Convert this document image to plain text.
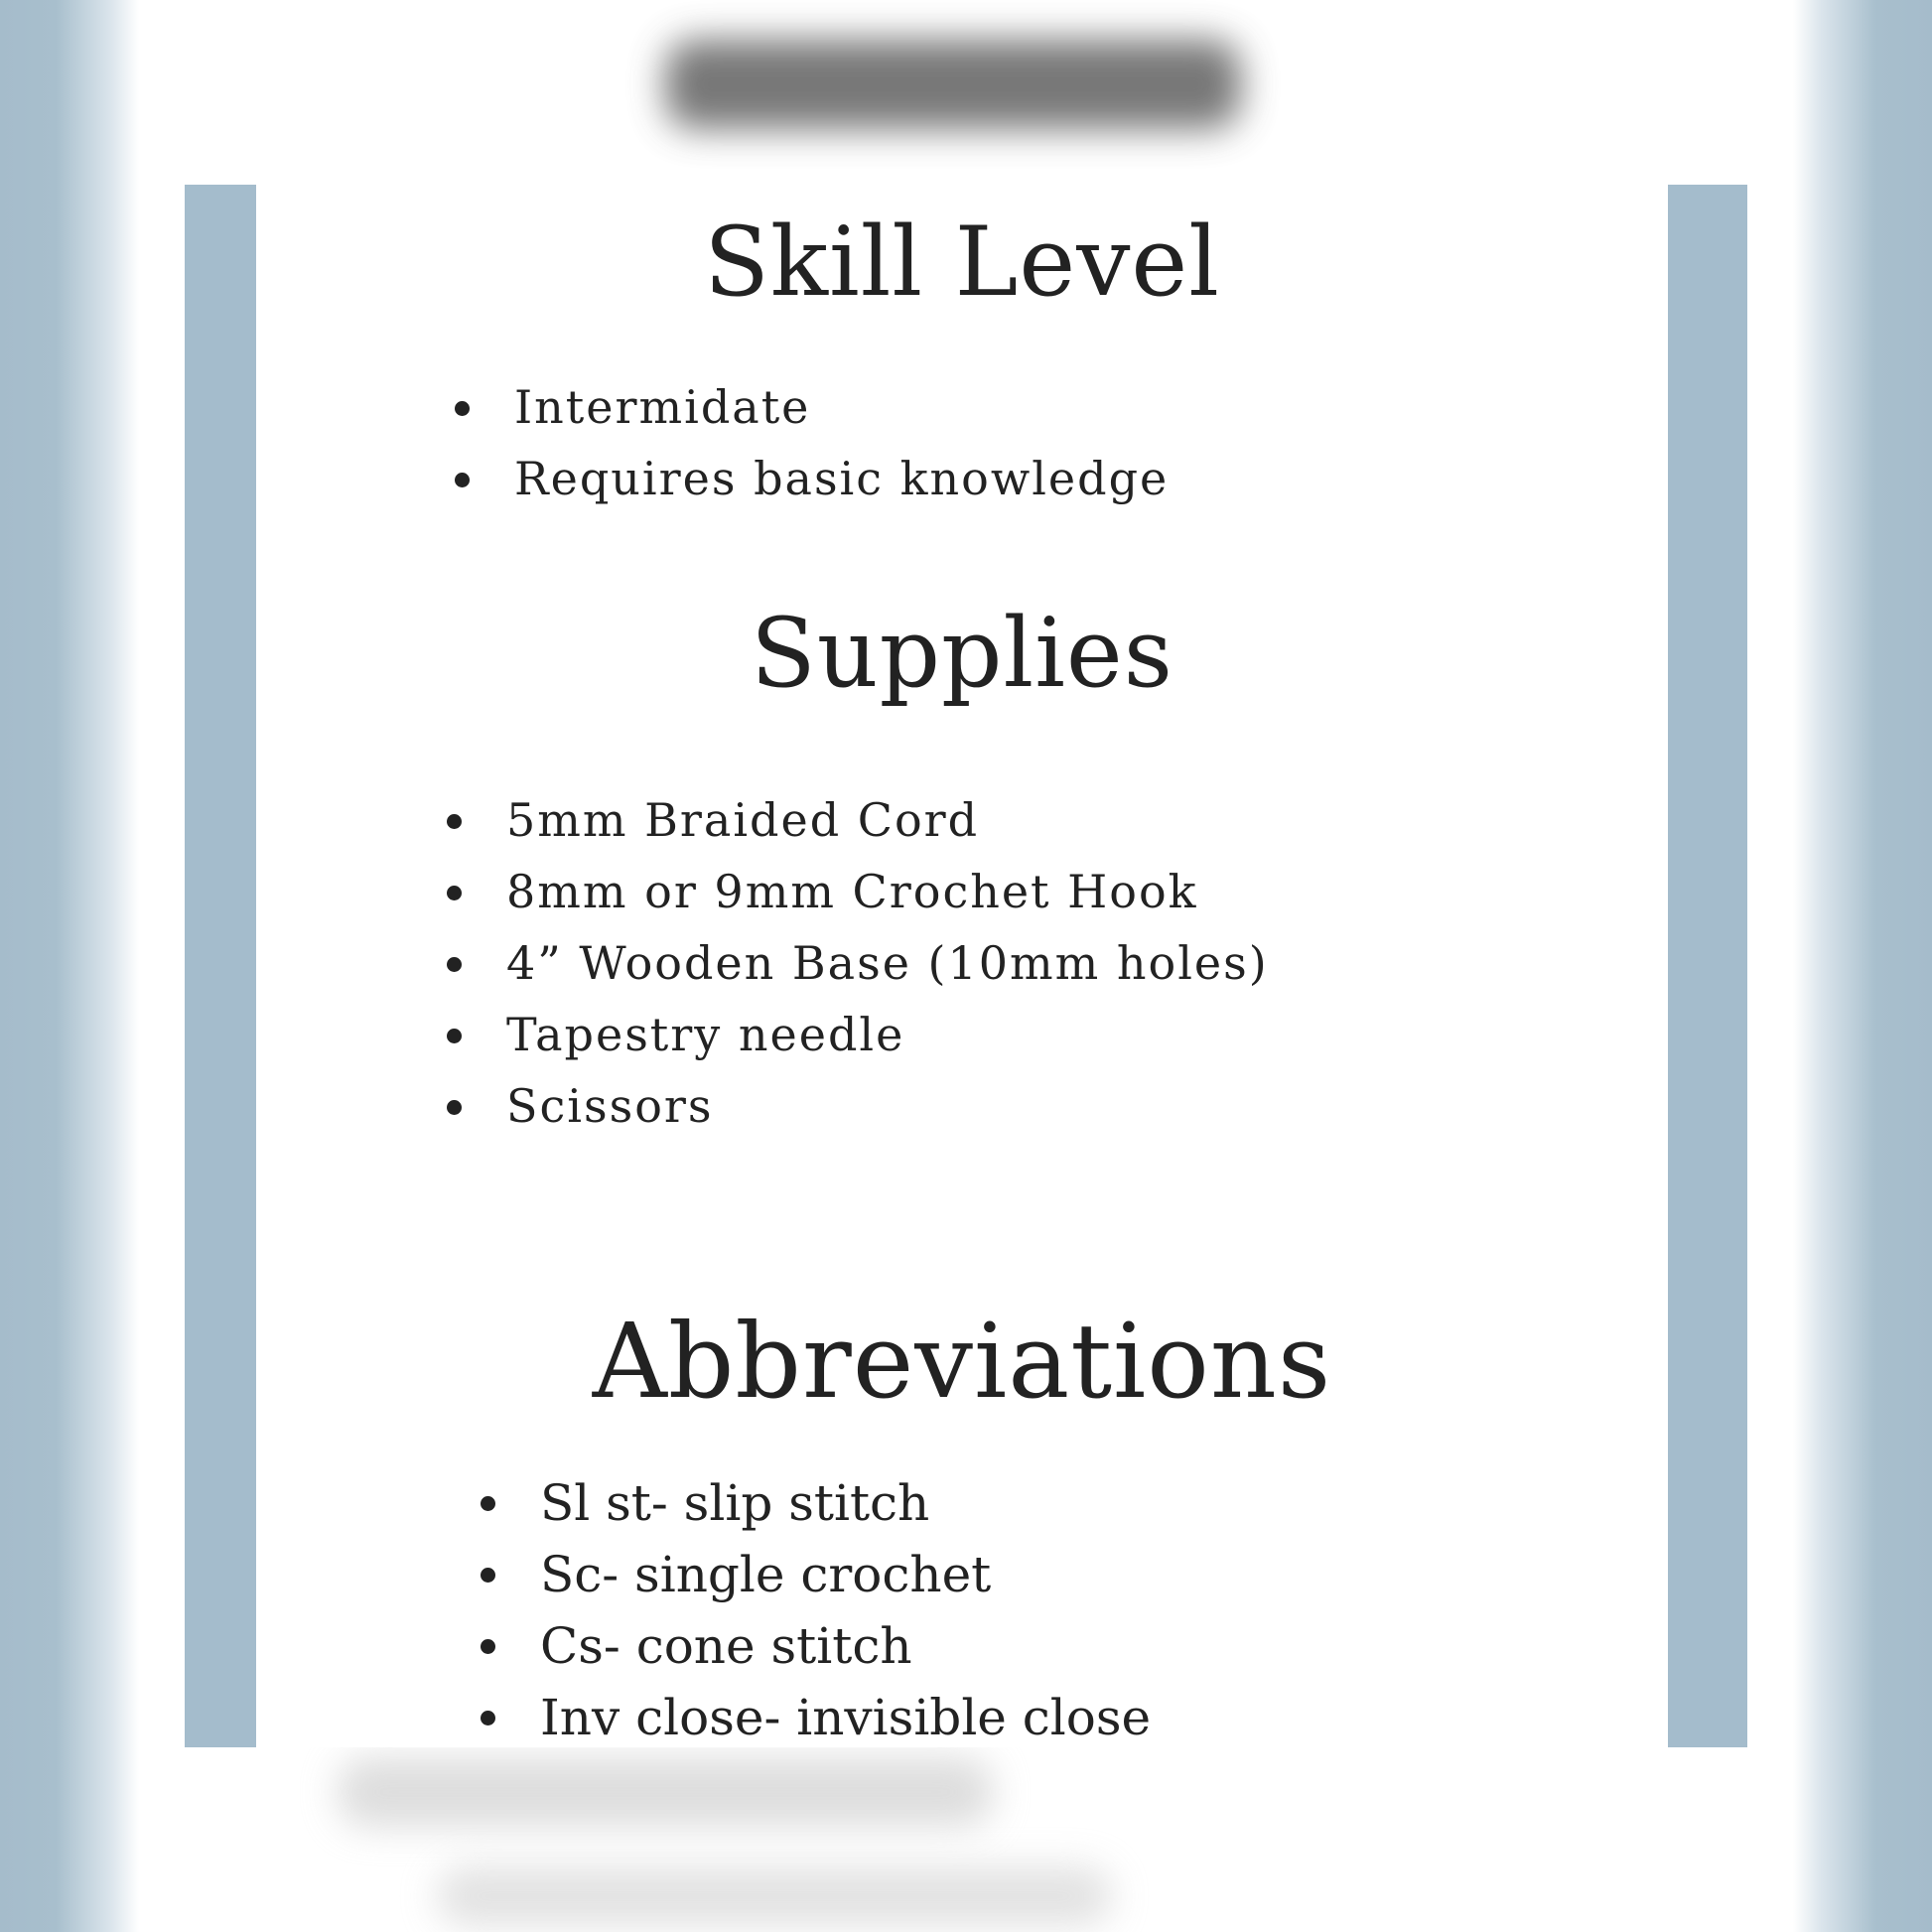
Skill Level
Intermidate
Requires basic knowledge
Supplies
5mm Braided Cord
8mm or 9mm Crochet Hook
4” Wooden Base (10mm holes)
Tapestry needle
Scissors
Abbreviations
Sl st- slip stitch
Sc- single crochet
Cs- cone stitch
Inv close- invisible close
